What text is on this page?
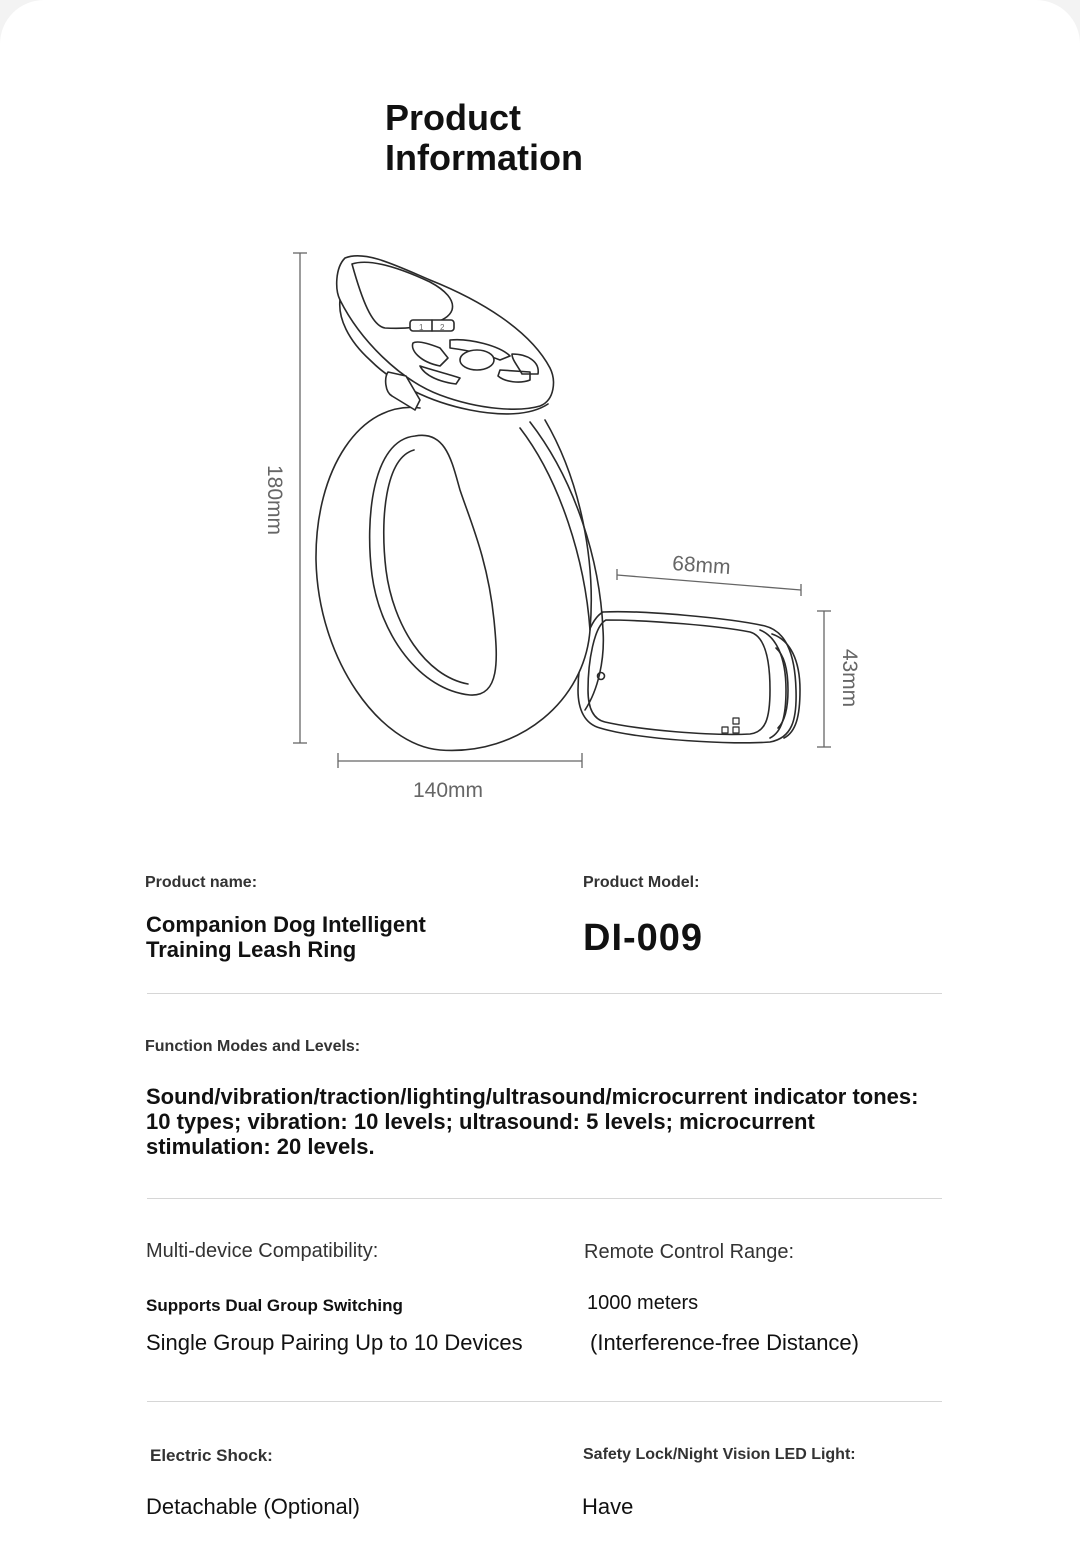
Product
Information
1 2
180mm
140mm
68mm
43mm
Product name:
Companion Dog Intelligent
Training Leash Ring
Product Model:
DI-009
Function Modes and Levels:
Sound/vibration/traction/lighting/ultrasound/microcurrent indicator tones:
10 types; vibration: 10 levels; ultrasound: 5 levels; microcurrent
stimulation: 20 levels.
Multi-device Compatibility:
Supports Dual Group Switching
Single Group Pairing Up to 10 Devices
Remote Control Range:
1000 meters
(Interference-free Distance)
Electric Shock:
Detachable (Optional)
Safety Lock/Night Vision LED Light:
Have
